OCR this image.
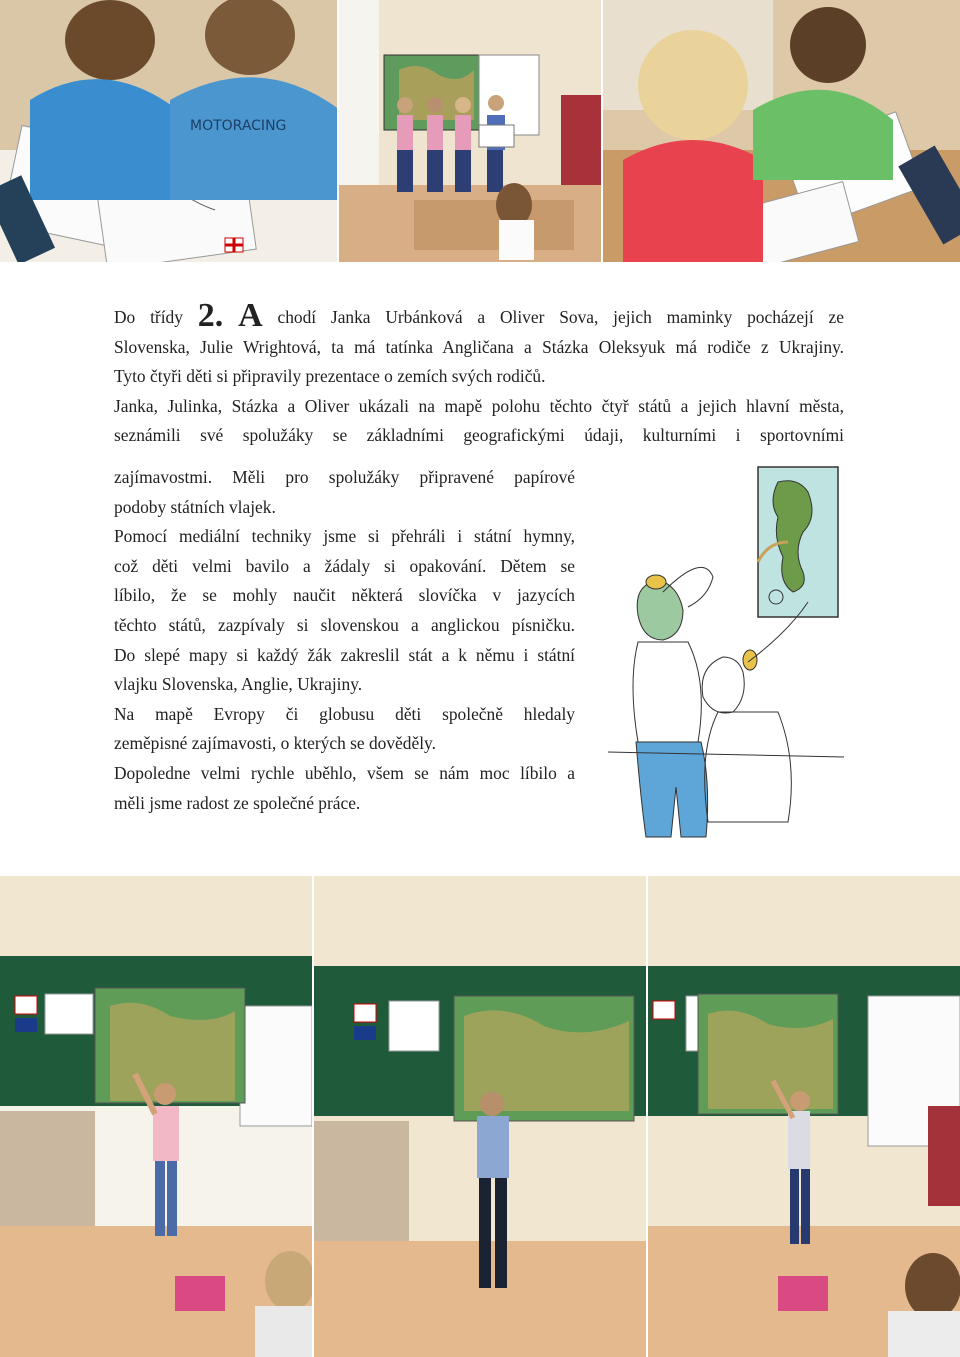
MOTORACING

Do třídy 2. A chodí Janka Urbánková a Oliver Sova, jejich maminky pocházejí ze

Slovenska, Julie Wrightová, ta má tatínka Angličana a Stázka Oleksyuk má rodiče z Ukrajiny.

Tyto čtyři děti si připravily prezentace o zemích svých rodičů.

Janka, Julinka, Stázka a Oliver ukázali na mapě polohu těchto čtyř států a jejich hlavní města,

seznámili své spolužáky se základními geografickými údaji, kulturními i sportovními

zajímavostmi. Měli pro spolužáky připravené papírové

podoby státních vlajek.

Pomocí mediální techniky jsme si přehráli i státní hymny,

což děti velmi bavilo a žádaly si opakování. Dětem se

líbilo, že se mohly naučit některá slovíčka v jazycích

těchto států, zazpívaly si slovenskou a anglickou písničku.

Do slepé mapy si každý žák zakreslil stát a k němu i státní

vlajku Slovenska, Anglie, Ukrajiny.

Na mapě Evropy či globusu děti společně hledaly

zeměpisné zajímavosti, o kterých se dověděly.

Dopoledne velmi rychle uběhlo, všem se nám moc líbilo a

měli jsme radost ze společné práce.
